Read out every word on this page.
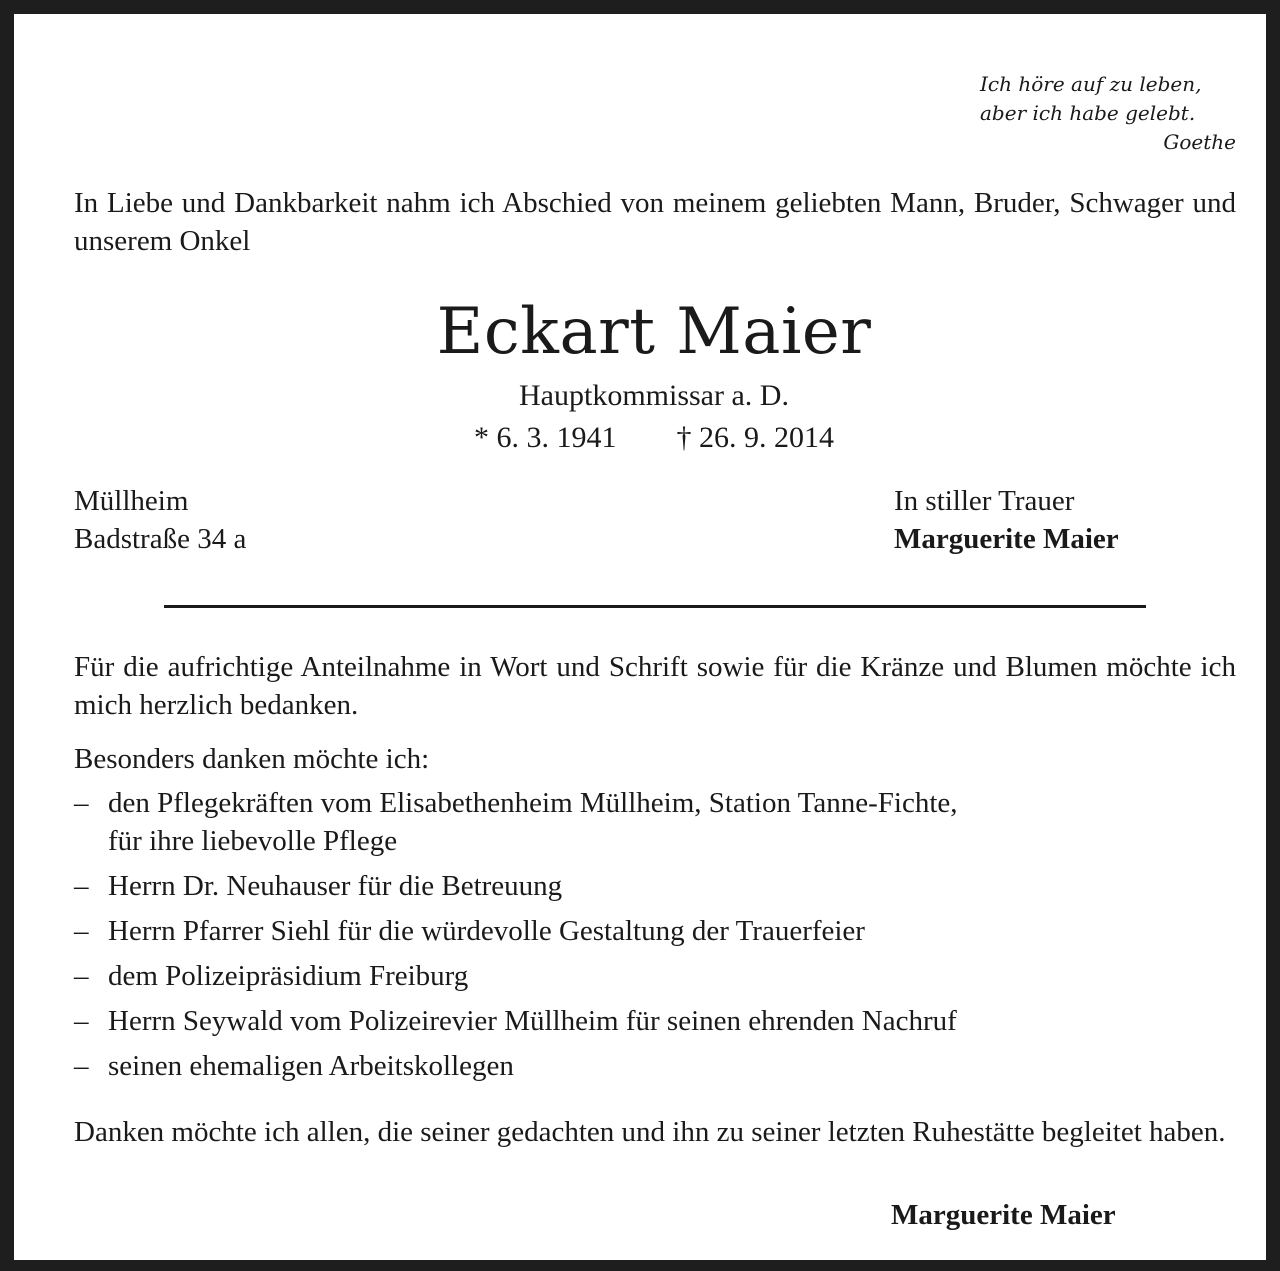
Ich höre auf zu leben,
aber ich habe gelebt.
Goethe
In Liebe und Dankbarkeit nahm ich Abschied von meinem geliebten Mann, Bruder, Schwager und unserem Onkel
Eckart Maier
Hauptkommissar a. D.
* 6. 3. 1941 † 26. 9. 2014
Müllheim
Badstraße 34 a
In stiller Trauer
Marguerite Maier
Für die aufrichtige Anteilnahme in Wort und Schrift sowie für die Kränze und Blumen möchte ich mich herzlich bedanken.
Besonders danken möchte ich:
– den Pflegekräften vom Elisabethenheim Müllheim, Station Tanne-Fichte,
für ihre liebevolle Pflege
– Herrn Dr. Neuhauser für die Betreuung
– Herrn Pfarrer Siehl für die würdevolle Gestaltung der Trauerfeier
– dem Polizeipräsidium Freiburg
– Herrn Seywald vom Polizeirevier Müllheim für seinen ehrenden Nachruf
– seinen ehemaligen Arbeitskollegen
Danken möchte ich allen, die seiner gedachten und ihn zu seiner letzten Ruhestätte begleitet haben.
Marguerite Maier
